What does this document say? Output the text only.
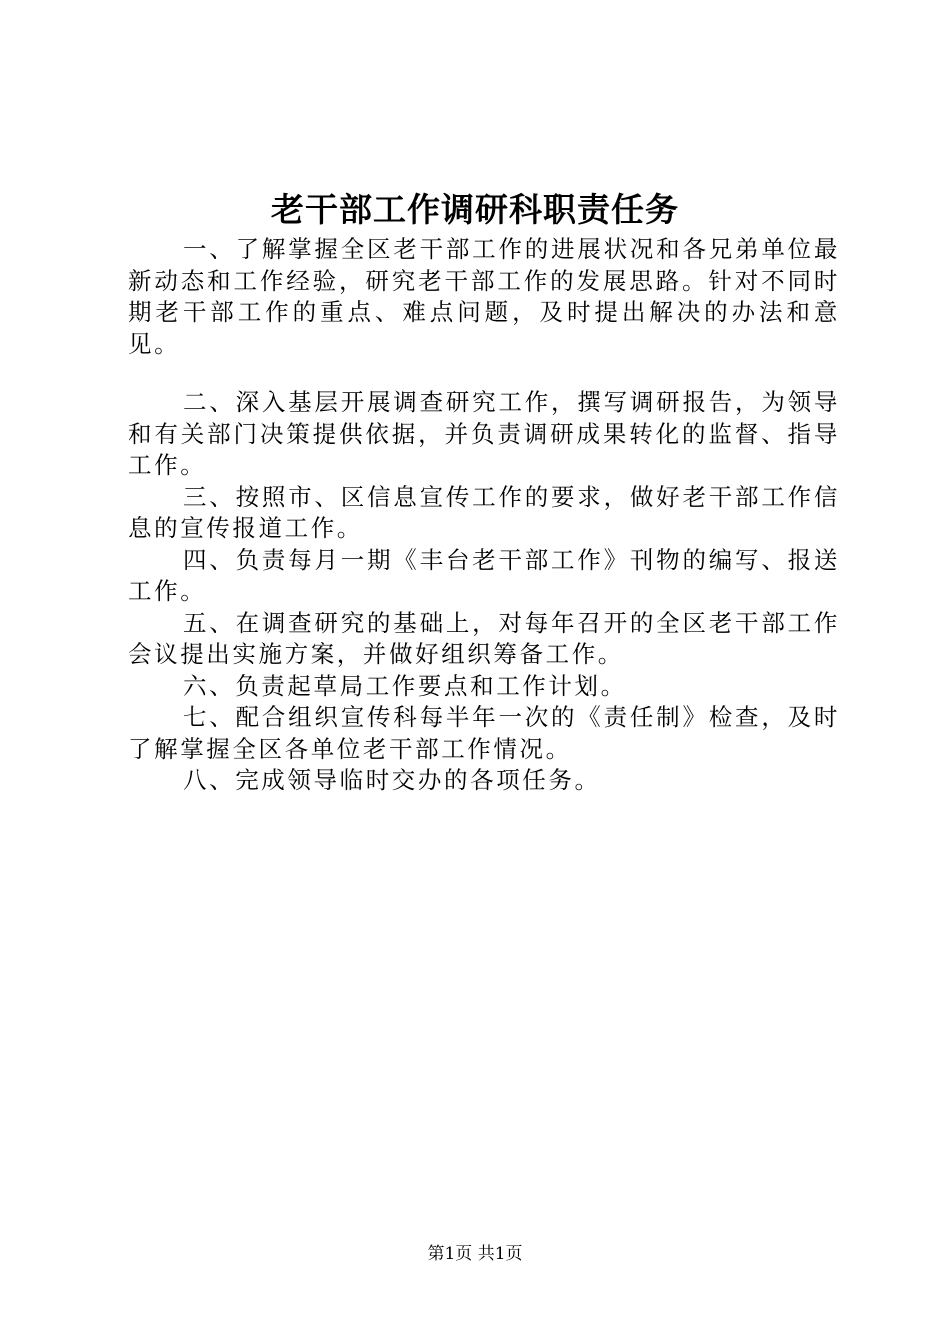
老干部工作调研科职责任务

一、了解掌握全区老干部工作的进展状况和各兄弟单位最新动态和工作经验，研究老干部工作的发展思路。针对不同时期老干部工作的重点、难点问题，及时提出解决的办法和意见。

二、深入基层开展调查研究工作，撰写调研报告，为领导和有关部门决策提供依据，并负责调研成果转化的监督、指导工作。

三、按照市、区信息宣传工作的要求，做好老干部工作信息的宣传报道工作。

四、负责每月一期《丰台老干部工作》刊物的编写、报送工作。

五、在调查研究的基础上，对每年召开的全区老干部工作会议提出实施方案，并做好组织筹备工作。

六、负责起草局工作要点和工作计划。

七、配合组织宣传科每半年一次的《责任制》检查，及时了解掌握全区各单位老干部工作情况。

八、完成领导临时交办的各项任务。

第1页 共1页
